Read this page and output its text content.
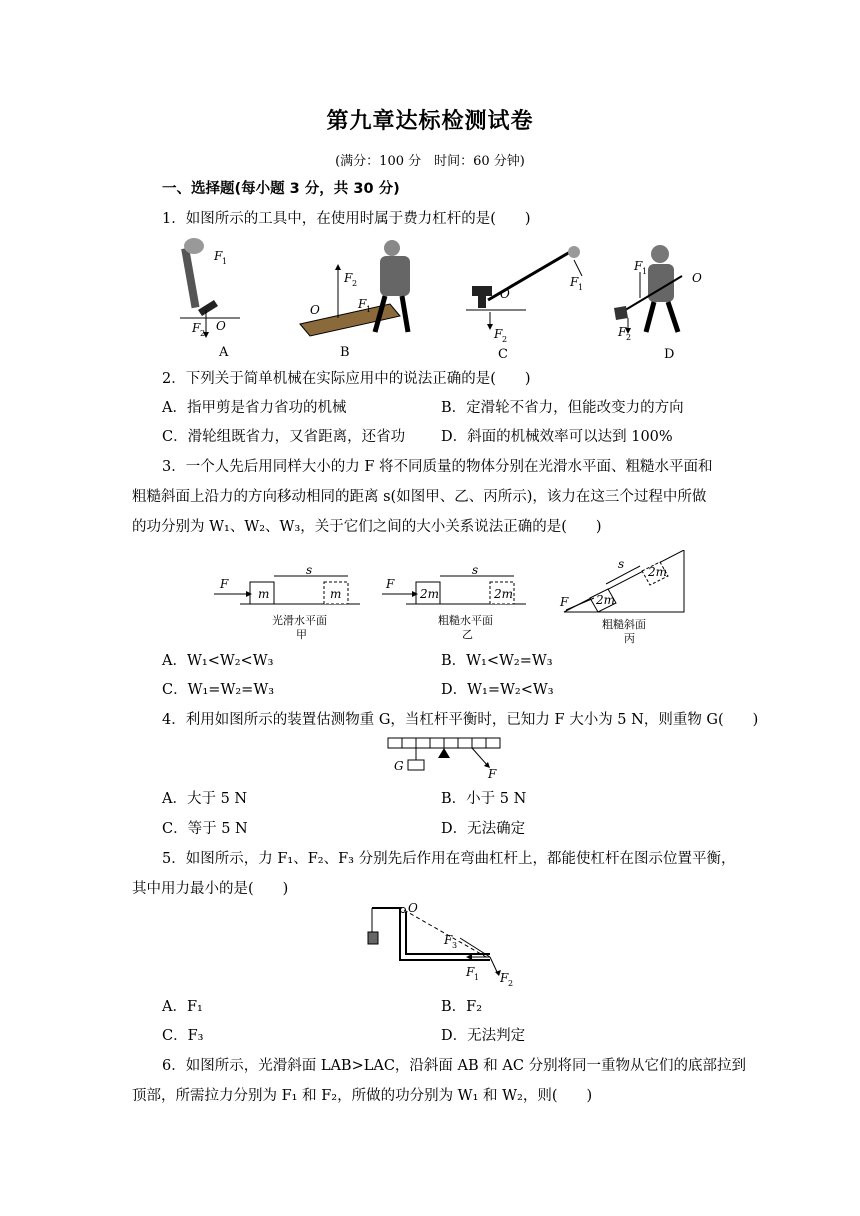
第九章达标检测试卷
(满分：100 分　时间：60 分钟)
一、选择题(每小题 3 分，共 30 分)
1．如图所示的工具中，在使用时属于费力杠杆的是(　　)
F 1
F 2
O
A
F 2
O	F 1
B
F 1
O
F 2
C
F 1	O
F 2
D
2．下列关于简单机械在实际应用中的说法正确的是(　　)
A．指甲剪是省力省功的机械	B．定滑轮不省力，但能改变力的方向
C．滑轮组既省力，又省距离，还省功 D．斜面的机械效率可以达到 100%
3．一个人先后用同样大小的力 F 将不同质量的物体分别在光滑水平面、粗糙水平面和
粗糙斜面上沿力的方向移动相同的距离 s(如图甲、乙、丙所示)，该力在这三个过程中所做
的功分别为 W₁、W₂、W₃，关于它们之间的大小关系说法正确的是(　　)
F
m	m
s
光滑水平面
甲
F
2m	2m
s
粗糙水平面
乙
F 2m
2m
s
粗糙斜面
丙
A．W₁<W₂<W₃	B．W₁<W₂=W₃
C．W₁=W₂=W₃	D．W₁=W₂<W₃
4．利用如图所示的装置估测物重 G，当杠杆平衡时，已知力 F 大小为 5 N，则重物 G(　　)
G
F
A．大于 5 N	B．小于 5 N
C．等于 5 N	D．无法确定
5．如图所示，力 F₁、F₂、F₃ 分别先后作用在弯曲杠杆上，都能使杠杆在图示位置平衡，
其中用力最小的是(　　)
O
F 3
F 1 F 2
A．F₁	B．F₂
C．F₃	D．无法判定
6．如图所示，光滑斜面 LAB>LAC，沿斜面 AB 和 AC 分别将同一重物从它们的底部拉到
顶部，所需拉力分别为 F₁ 和 F₂，所做的功分别为 W₁ 和 W₂，则(　　)
